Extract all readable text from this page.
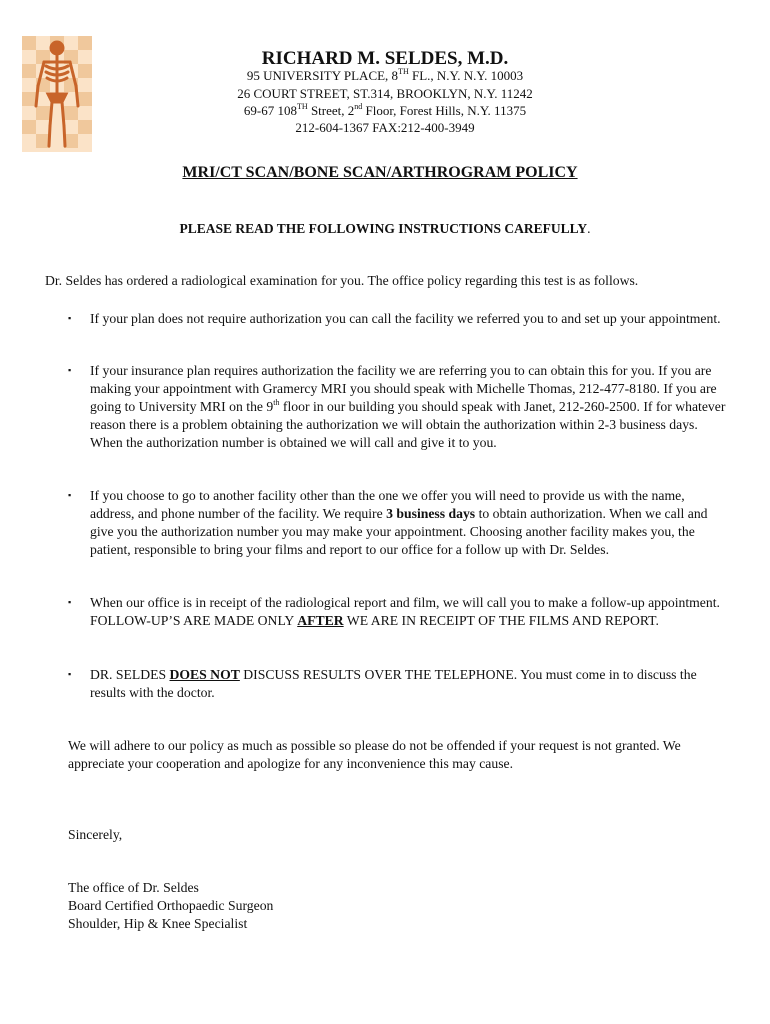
RICHARD M. SELDES, M.D.
95 UNIVERSITY PLACE, 8TH FL., N.Y. N.Y. 10003
26 COURT STREET, ST.314, BROOKLYN, N.Y. 11242
69-67 108TH Street, 2nd Floor, Forest Hills, N.Y. 11375
212-604-1367 FAX:212-400-3949
MRI/CT SCAN/BONE SCAN/ARTHROGRAM POLICY
PLEASE READ THE FOLLOWING INSTRUCTIONS CAREFULLY.
Dr. Seldes has ordered a radiological examination for you. The office policy regarding this test is as follows.
▪ If your plan does not require authorization you can call the facility we referred you to and set up your appointment.
▪ If your insurance plan requires authorization the facility we are referring you to can obtain this for you. If you are making your appointment with Gramercy MRI you should speak with Michelle Thomas, 212-477-8180. If you are going to University MRI on the 9th floor in our building you should speak with Janet, 212-260-2500. If for whatever reason there is a problem obtaining the authorization we will obtain the authorization within 2-3 business days. When the authorization number is obtained we will call and give it to you.
▪ If you choose to go to another facility other than the one we offer you will need to provide us with the name, address, and phone number of the facility. We require 3 business days to obtain authorization. When we call and give you the authorization number you may make your appointment. Choosing another facility makes you, the patient, responsible to bring your films and report to our office for a follow up with Dr. Seldes.
▪ When our office is in receipt of the radiological report and film, we will call you to make a follow-up appointment. FOLLOW-UP’S ARE MADE ONLY AFTER WE ARE IN RECEIPT OF THE FILMS AND REPORT.
▪ DR. SELDES DOES NOT DISCUSS RESULTS OVER THE TELEPHONE. You must come in to discuss the results with the doctor.
We will adhere to our policy as much as possible so please do not be offended if your request is not granted. We appreciate your cooperation and apologize for any inconvenience this may cause.
Sincerely,
The office of Dr. Seldes
Board Certified Orthopaedic Surgeon
Shoulder, Hip & Knee Specialist
